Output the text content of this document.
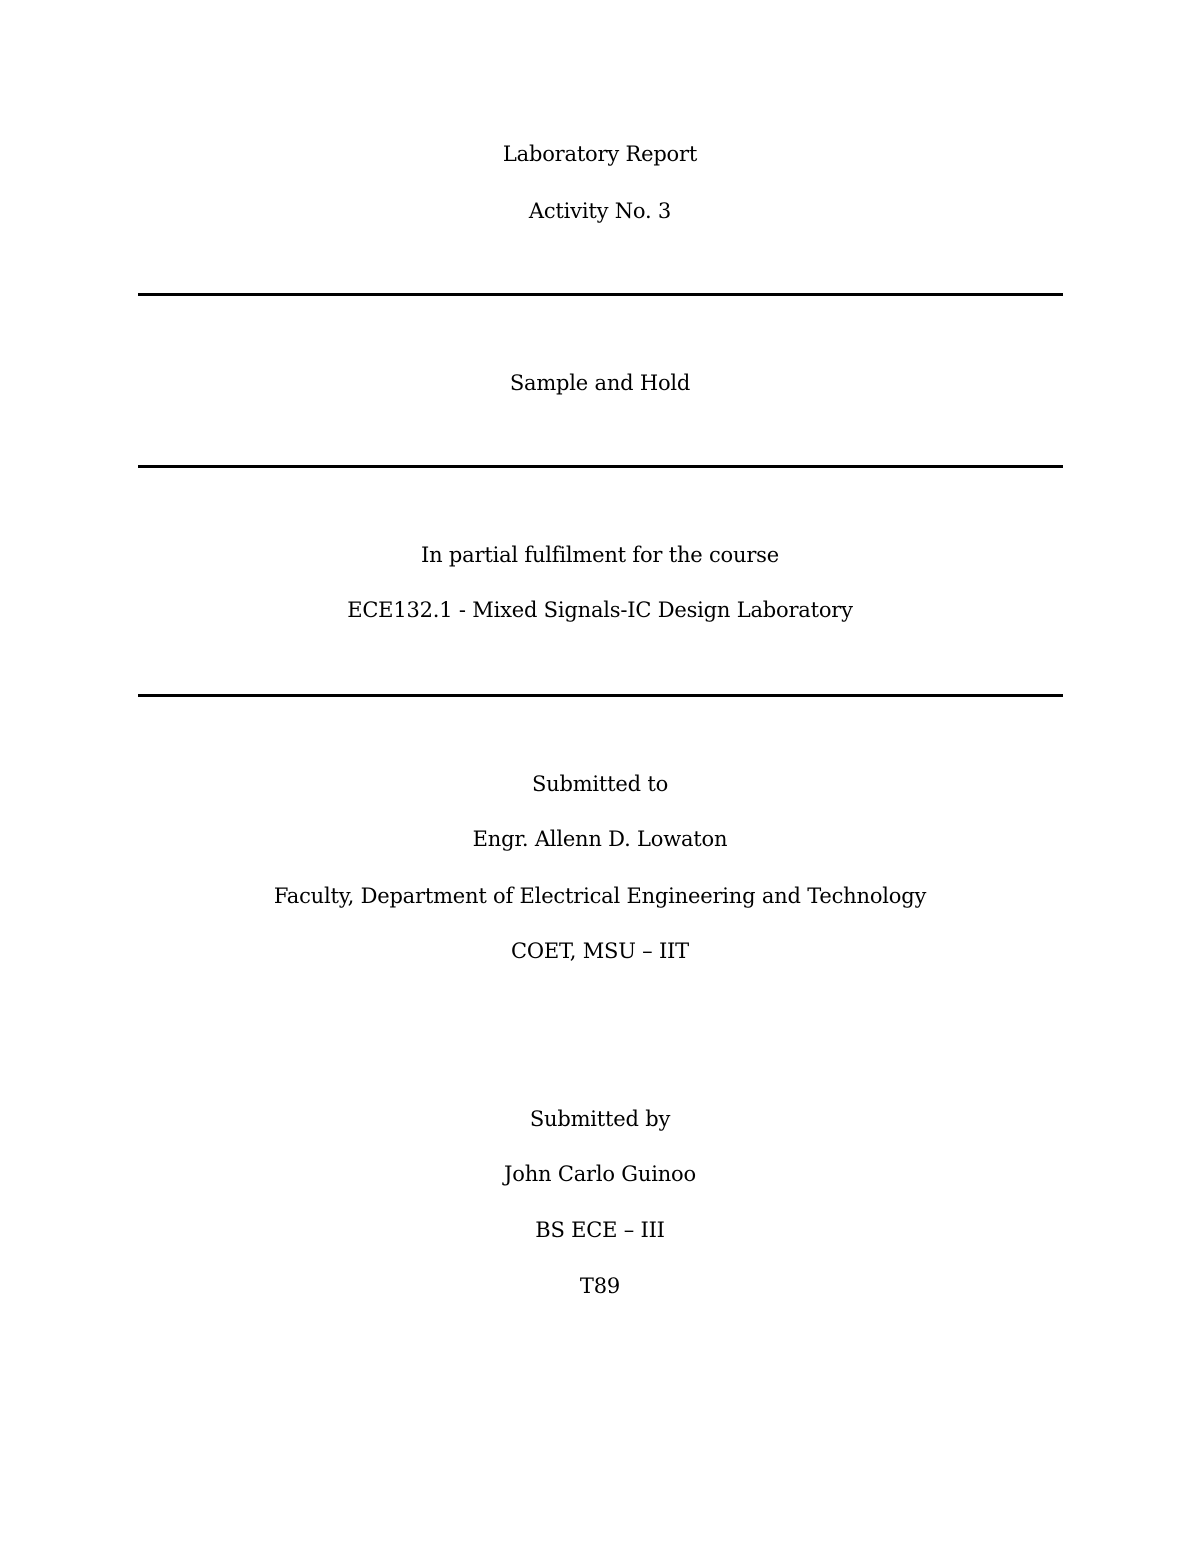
Laboratory Report
Activity No. 3
Sample and Hold
In partial fulfilment for the course
ECE132.1 - Mixed Signals-IC Design Laboratory
Submitted to
Engr. Allenn D. Lowaton
Faculty, Department of Electrical Engineering and Technology
COET, MSU – IIT
Submitted by
John Carlo Guinoo
BS ECE – III
T89
